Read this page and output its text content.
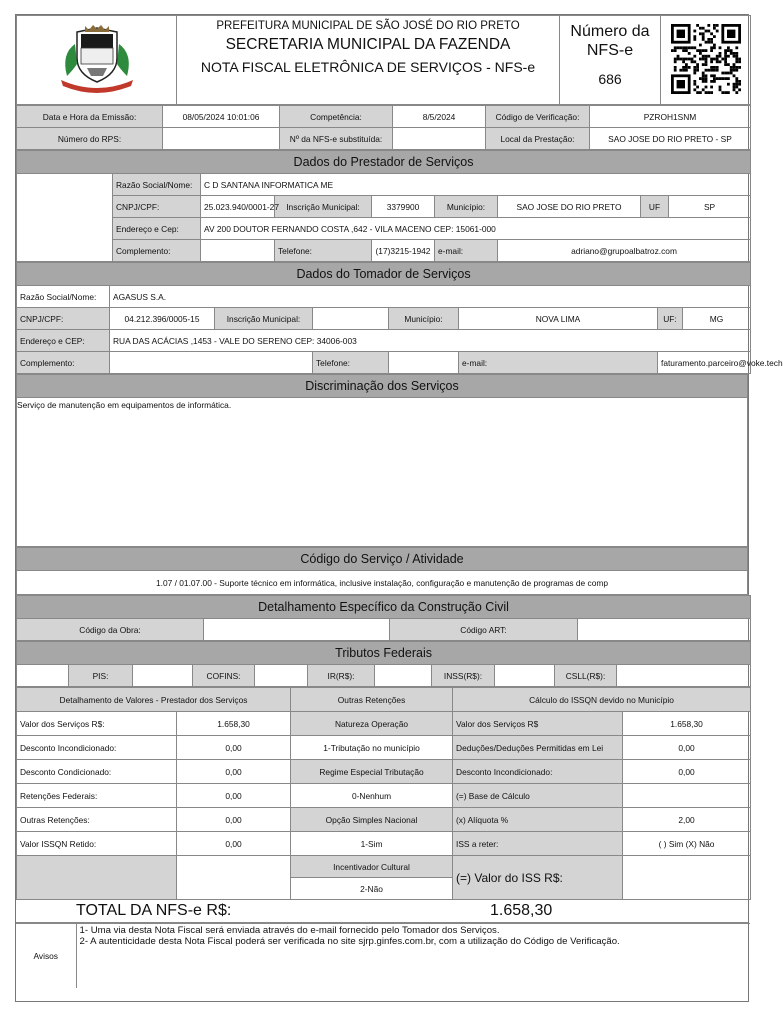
PREFEITURA MUNICIPAL DE SÃO JOSÉ DO RIO PRETO
SECRETARIA MUNICIPAL DA FAZENDA
NOTA FISCAL ELETRÔNICA DE SERVIÇOS - NFS-e

Número da NFS-e
686

Data e Hora da Emissão:	08/05/2024 10:01:06	Competência:	8/5/2024	Código de Verificação:	PZROH1SNM
Número do RPS:		Nº da NFS-e substituída:		Local da Prestação:	SAO JOSE DO RIO PRETO - SP
Dados do Prestador de Serviços								
	Razão Social/Nome:	C D SANTANA INFORMATICA ME						
	CNPJ/CPF:	25.023.940/0001-27	Inscrição Municipal:	3379900	Município:	SAO JOSE DO RIO PRETO	UF	SP
	Endereço e Cep:	AV 200 DOUTOR FERNANDO COSTA ,642 - VILA MACENO CEP: 15061-000						
	Complemento:		Telefone:	(17)3215-1942	e-mail:	adriano@grupoalbatroz.com		
Dados do Tomador de Serviços							
Razão Social/Nome:	AGASUS S.A.						
CNPJ/CPF:	04.212.396/0005-15	Inscrição Municipal:		Município:	NOVA LIMA	UF:	MG
Endereço e CEP:	RUA DAS ACÁCIAS ,1453 - VALE DO SERENO CEP: 34006-003						
Complemento:			Telefone:		e-mail:	faturamento.parceiro@voke.tech	
Discriminação dos Serviços
Serviço de manutenção em equipamentos de informática.
Código do Serviço / Atividade
1.07 / 01.07.00 - Suporte técnico em informática, inclusive instalação, configuração e manutenção de programas de comp
Detalhamento Específico da Construção Civil
Código da Obra:		Código ART:	
Tributos Federais
	PIS:		COFINS:		IR(R$):		INSS(R$):		CSLL(R$):	
Detalhamento de Valores - Prestador dos Serviços		Outras Retenções	Cálculo do ISSQN devido no Município	
Valor dos Serviços R$:	1.658,30	Natureza Operação	Valor dos Serviços R$	1.658,30
Desconto Incondicionado:	0,00	1-Tributação no município	Deduções/Deduções Permitidas em Lei	0,00
Desconto Condicionado:	0,00	Regime Especial Tributação	Desconto Incondicionado:	0,00
Retenções Federais:	0,00	0-Nenhum	(=) Base de Cálculo	
Outras Retenções:	0,00	Opção Simples Nacional	(x) Alíquota %	2,00
Valor ISSQN Retido:	0,00	1-Sim	ISS a reter:	( ) Sim (X) Não
		Incentivador Cultural	(=) Valor do ISS R$:	
		2-Não		
TOTAL DA NFS-e R$:	1.658,30
Avisos	
1- Uma via desta Nota Fiscal será enviada através do e-mail fornecido pelo Tomador dos Serviços.
2- A autenticidade desta Nota Fiscal poderá ser verificada no site sjrp.ginfes.com.br, com a utilização do Código de Verificação.
